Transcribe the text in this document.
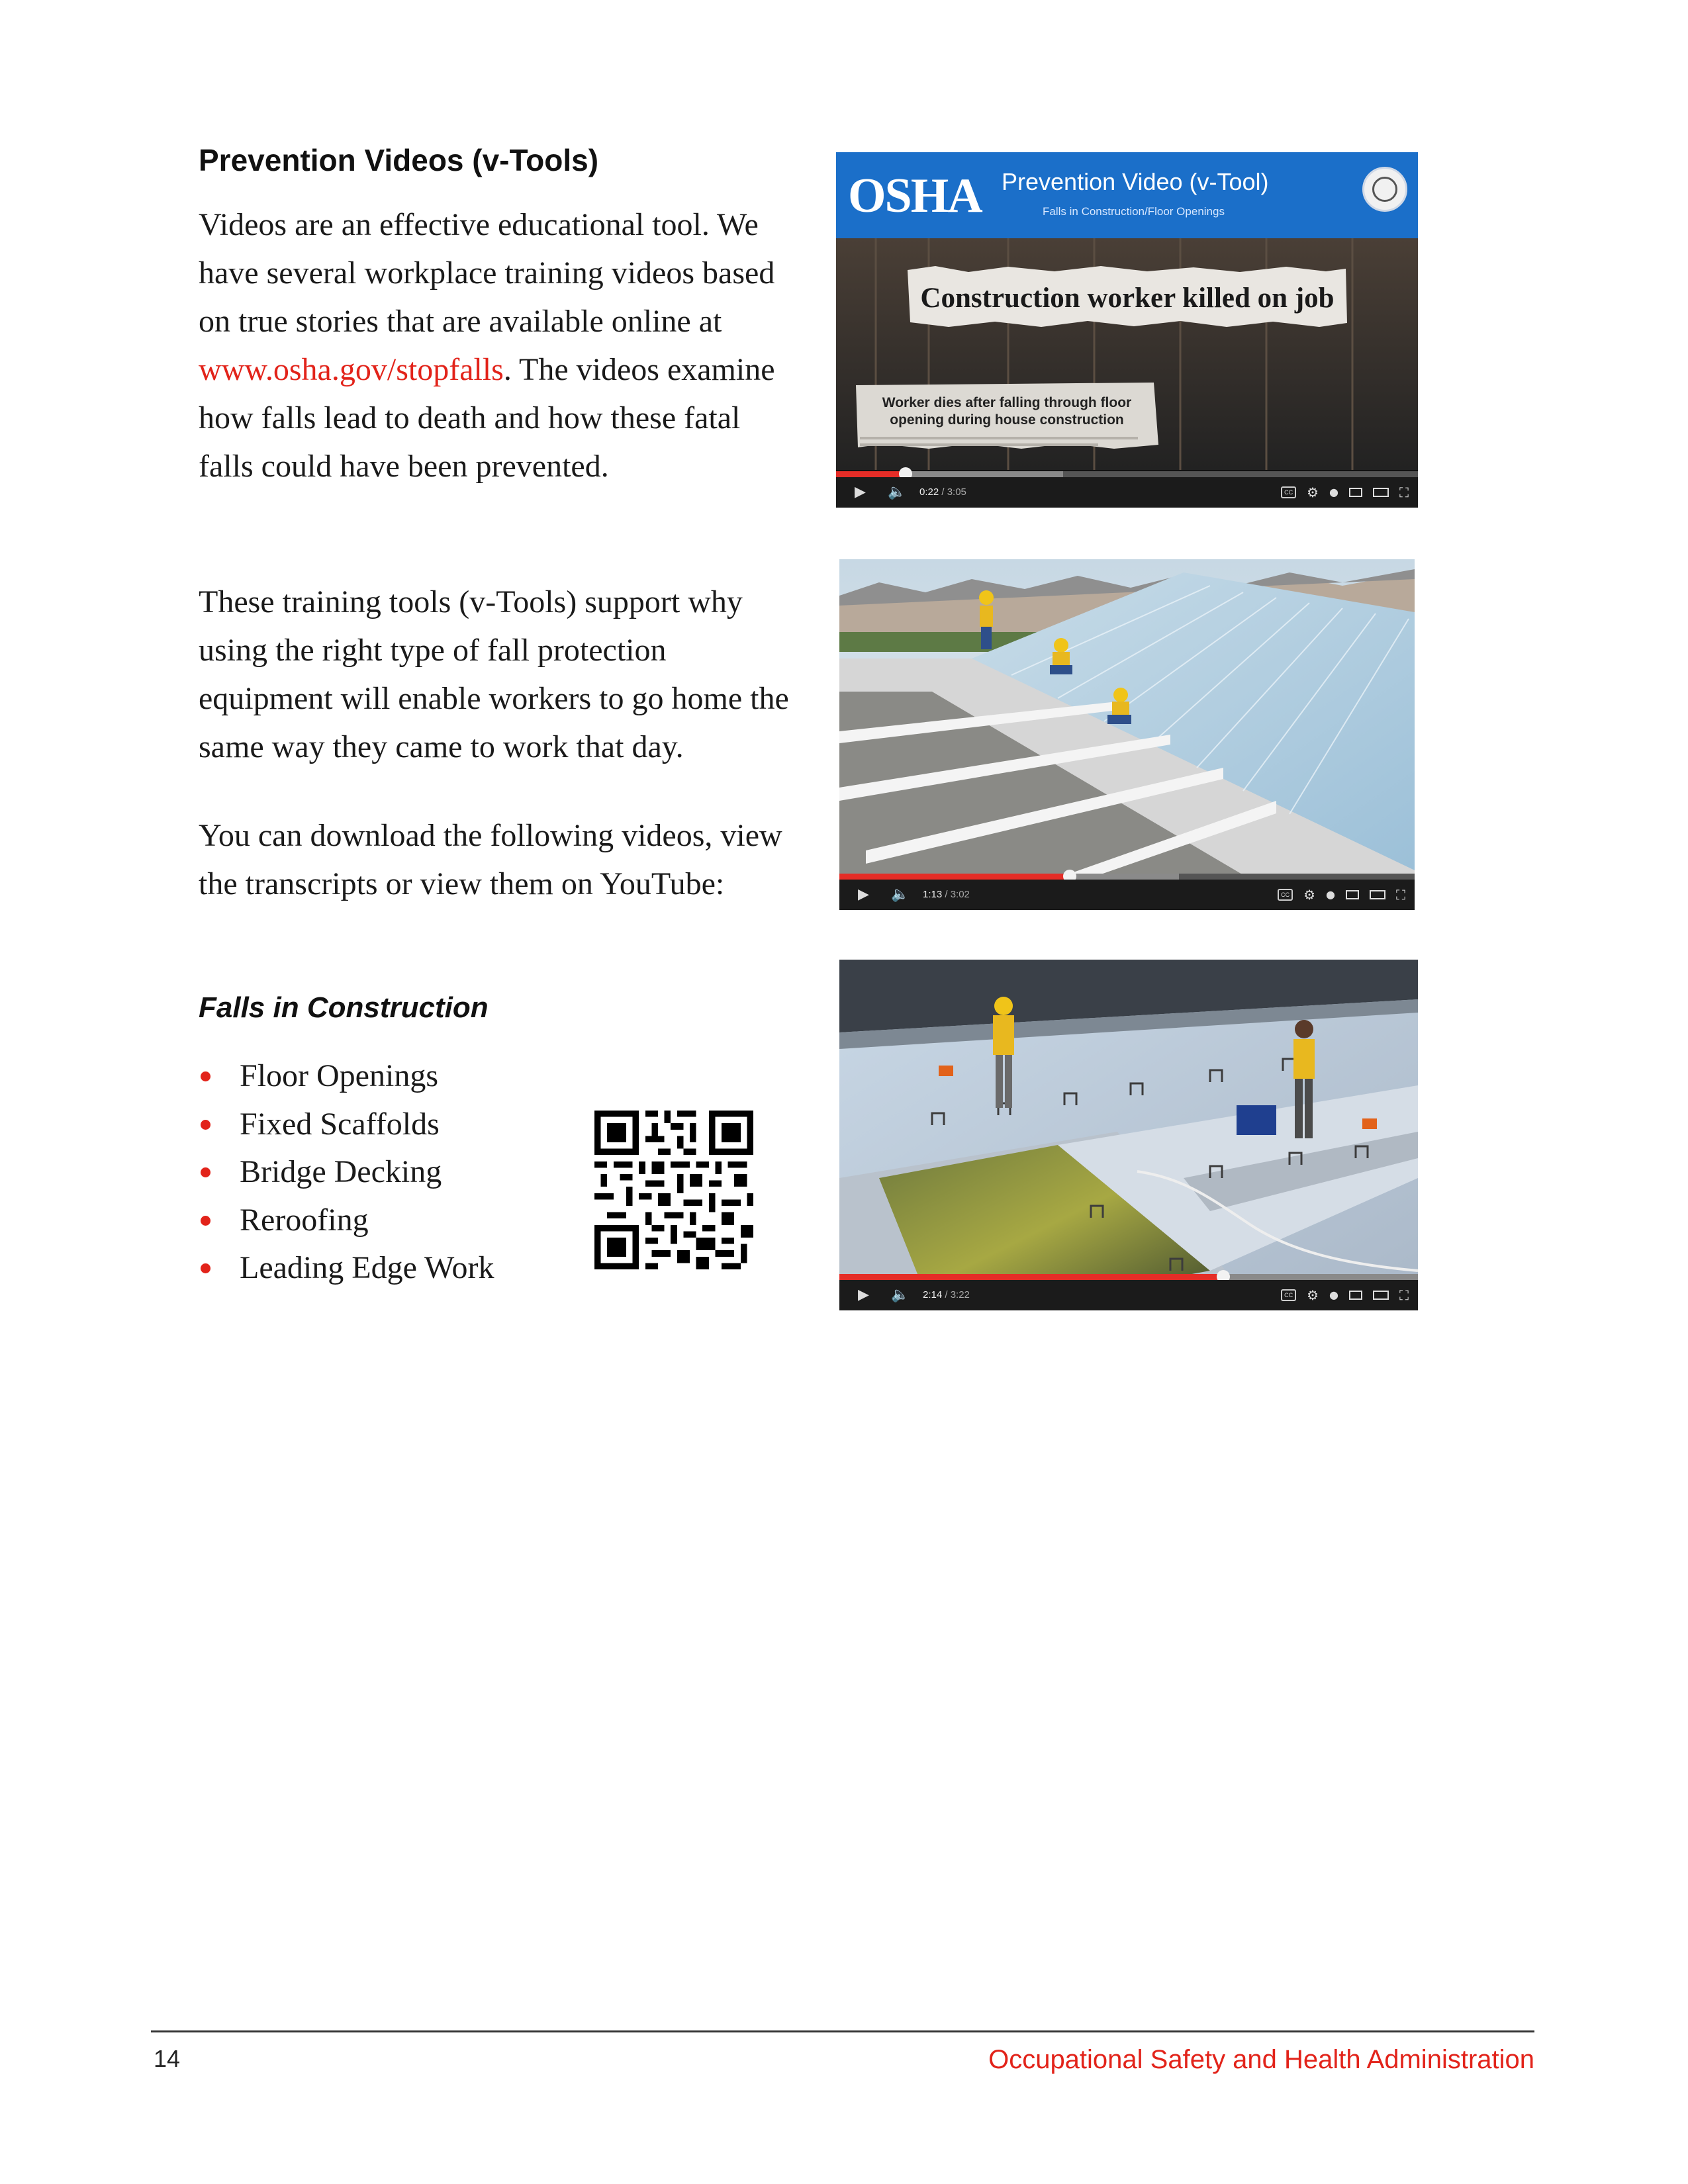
Prevention Videos (v-Tools)
Videos are an effective educational tool. We have several workplace training videos based on true stories that are available online at www.osha.gov/stopfalls. The videos examine how falls lead to death and how these fatal falls could have been prevented.
These training tools (v-Tools) support why using the right type of fall protection equipment will enable workers to go home the same way they came to work that day.
You can download the following videos, view the transcripts or view them on YouTube:
Falls in Construction
Floor Openings
Fixed Scaffolds
Bridge Decking
Reroofing
Leading Edge Work
OSHA Prevention Video (v-Tool)
Falls in Construction/Floor Openings
Construction worker killed on job
Worker dies after falling through floor
opening during house construction
▶ 🔈 0:22 / 3:05	CC ⚙ ●	⛶
▶ 🔈 1:13 / 3:02	CC ⚙ ●	⛶
▶ 🔈 2:14 / 3:22	CC ⚙ ●	⛶
14	Occupational Safety and Health Administration
